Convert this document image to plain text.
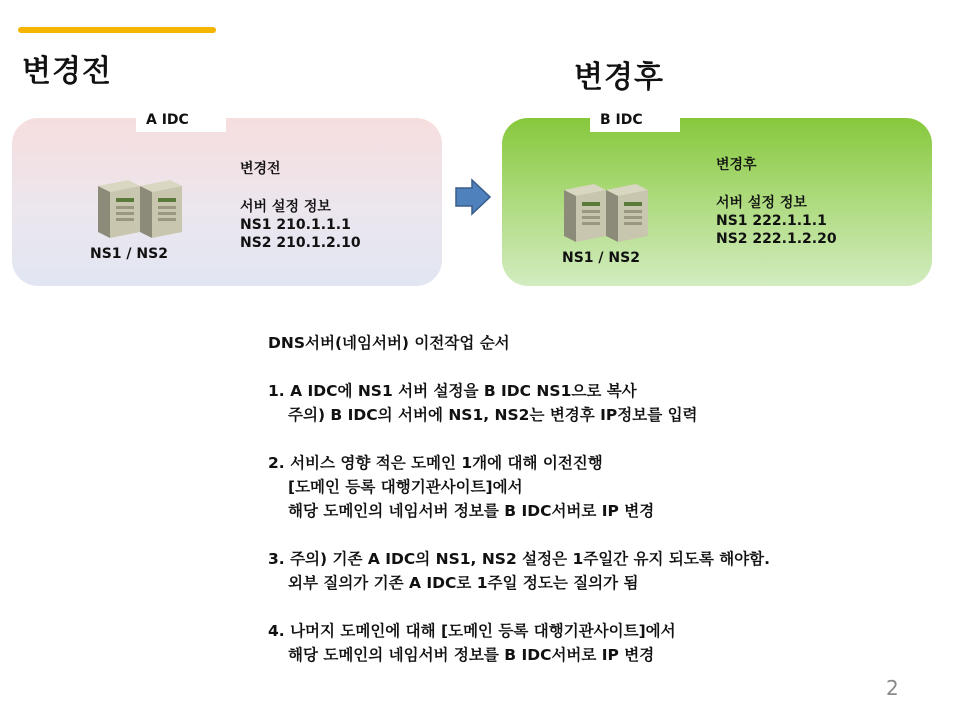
변경전	변경후
A IDC
NS1 / NS2
변경전
서버 설정 정보
NS1 210.1.1.1
NS2 210.1.2.10
B IDC
NS1 / NS2
변경후
서버 설정 정보
NS1 222.1.1.1
NS2 222.1.2.20
DNS서버(네임서버) 이전작업 순서
1. A IDC에 NS1 서버 설정을 B IDC NS1으로 복사
주의) B IDC의 서버에 NS1, NS2는 변경후 IP정보를 입력
2. 서비스 영향 적은 도메인 1개에 대해 이전진행
[도메인 등록 대행기관사이트]에서
해당 도메인의 네임서버 정보를 B IDC서버로 IP 변경
3. 주의) 기존 A IDC의 NS1, NS2 설정은 1주일간 유지 되도록 해야함.
외부 질의가 기존 A IDC로 1주일 정도는 질의가 됨
4. 나머지 도메인에 대해 [도메인 등록 대행기관사이트]에서
해당 도메인의 네임서버 정보를 B IDC서버로 IP 변경
2
